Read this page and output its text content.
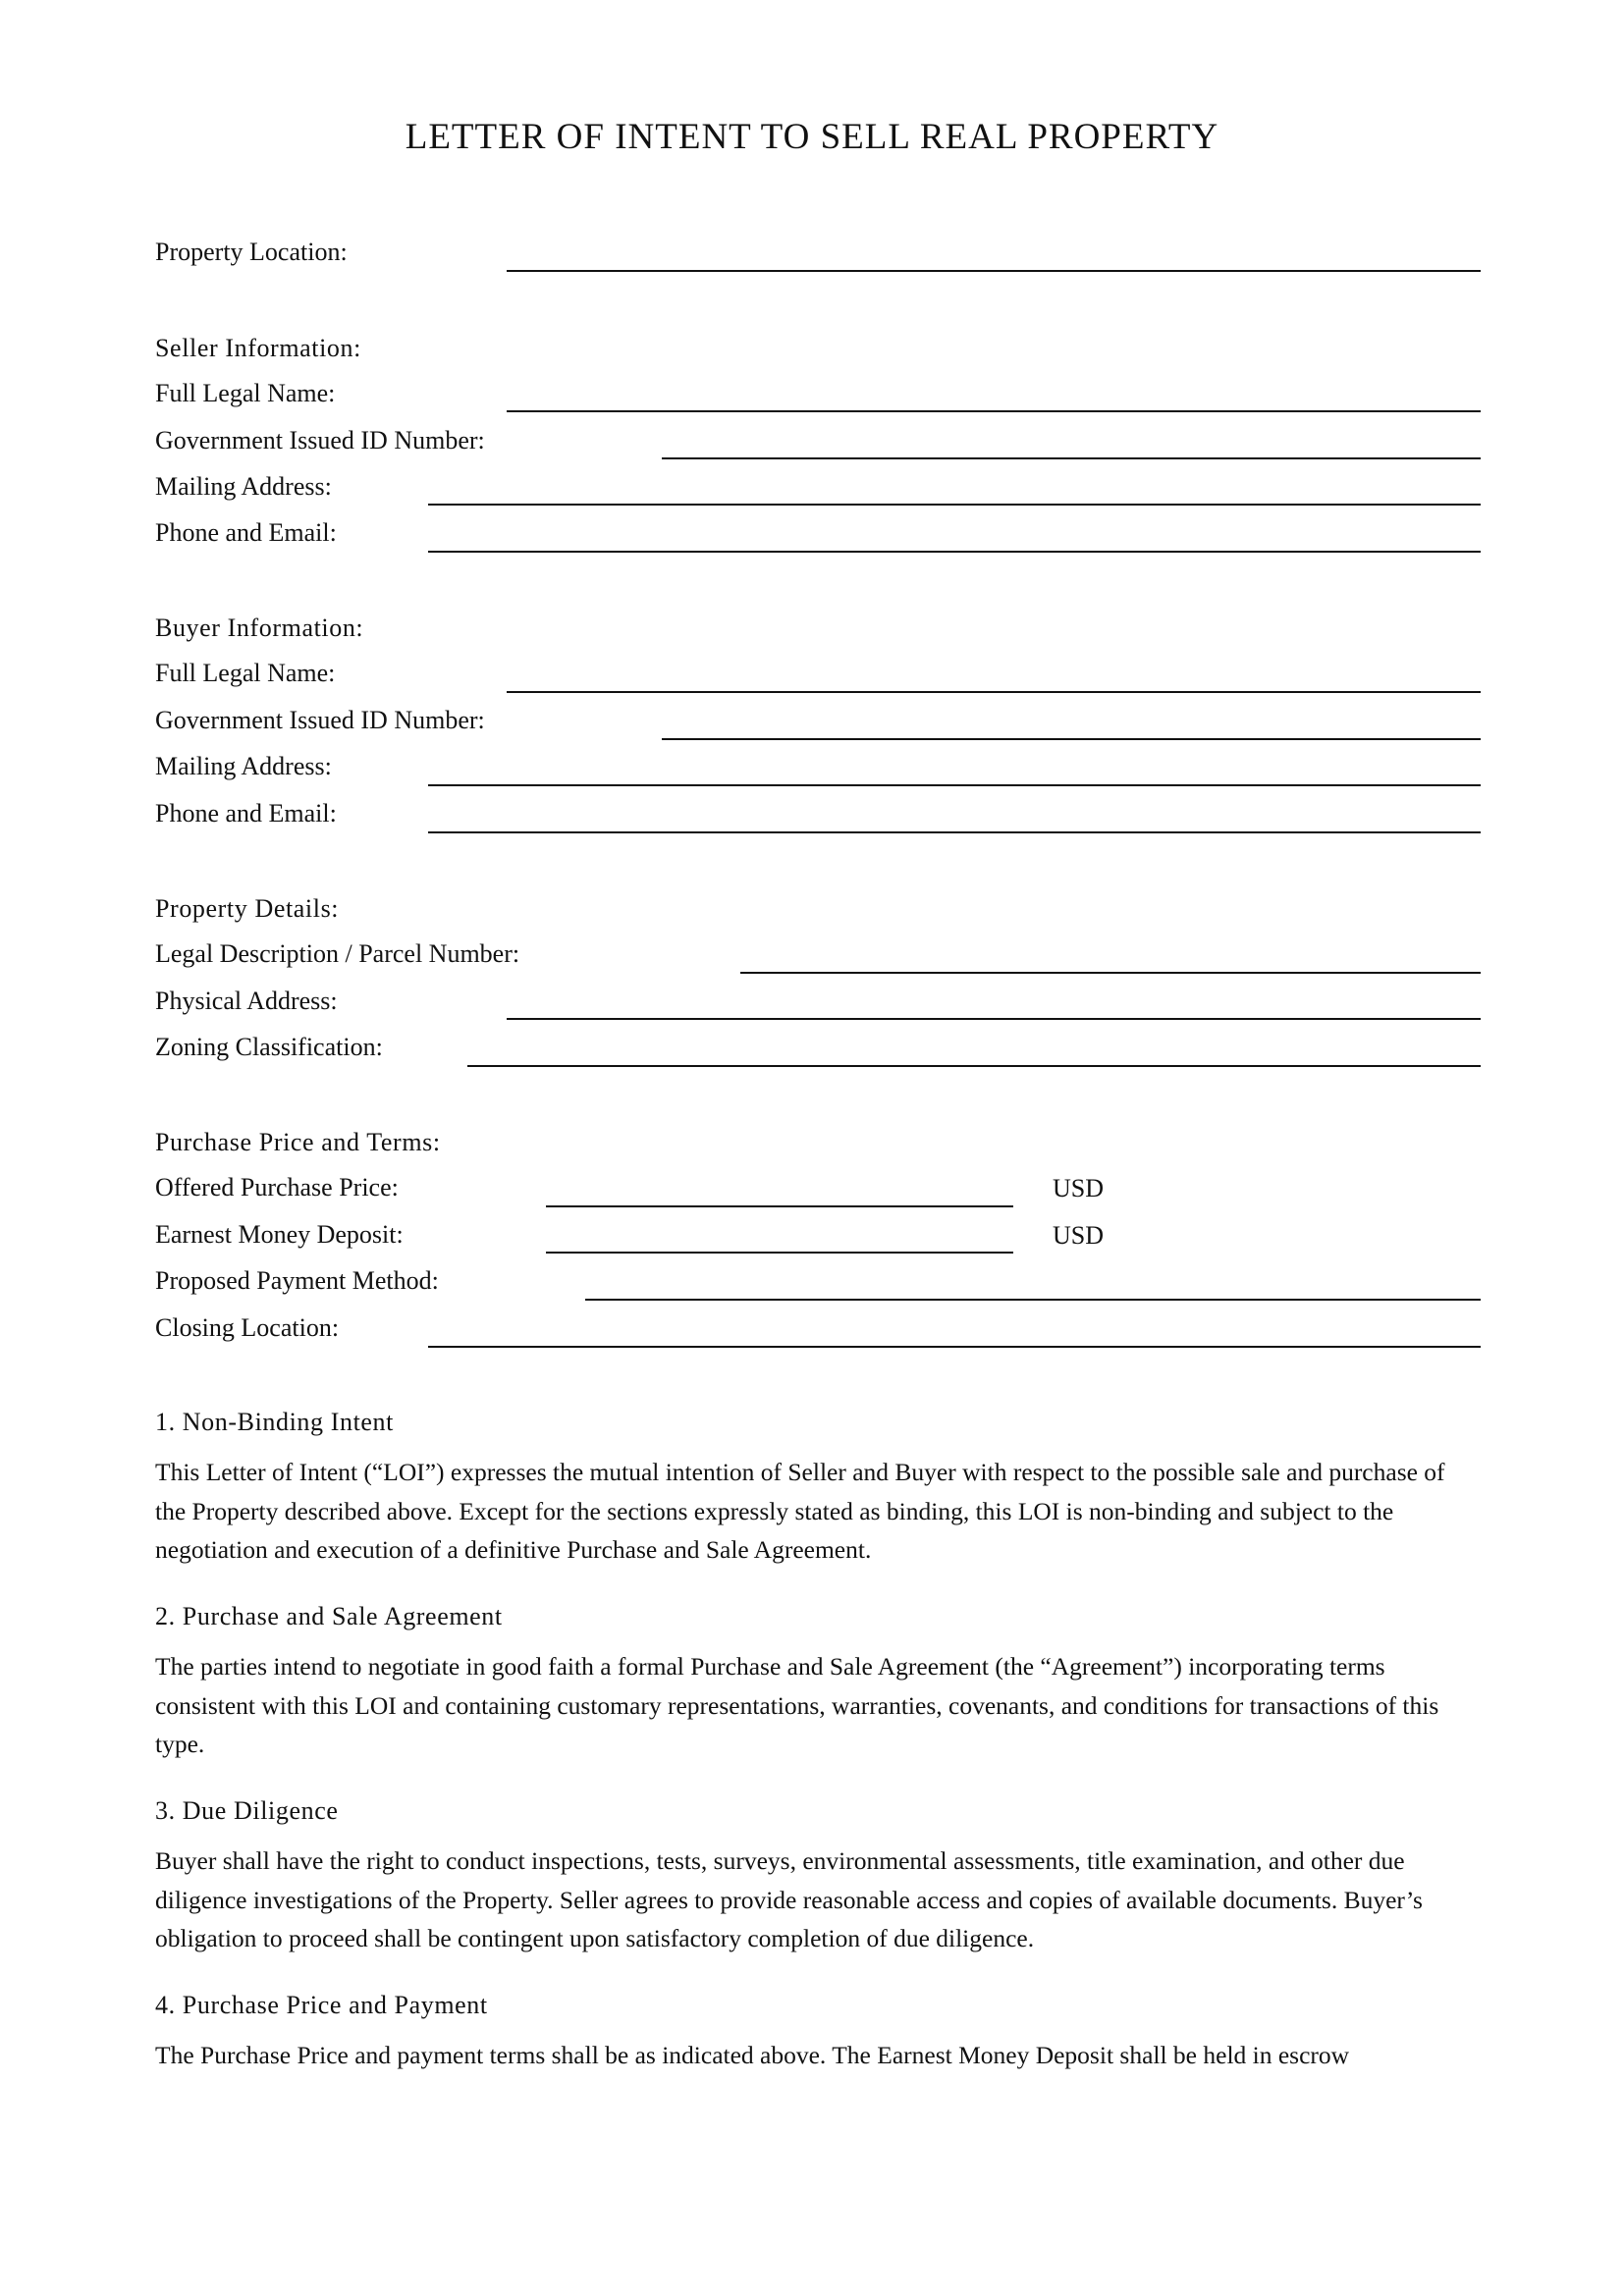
LETTER OF INTENT TO SELL REAL PROPERTY
Property Location:
Seller Information:
Full Legal Name:
Government Issued ID Number:
Mailing Address:
Phone and Email:
Buyer Information:
Full Legal Name:
Government Issued ID Number:
Mailing Address:
Phone and Email:
Property Details:
Legal Description / Parcel Number:
Physical Address:
Zoning Classification:
Purchase Price and Terms:
Offered Purchase Price:	USD
Earnest Money Deposit:	USD
Proposed Payment Method:
Closing Location:
1. Non-Binding Intent

This Letter of Intent (“LOI”) expresses the mutual intention of Seller and Buyer with respect to the possible sale and purchase of the Property described above. Except for the sections expressly stated as binding, this LOI is non-binding and subject to the negotiation and execution of a definitive Purchase and Sale Agreement.

2. Purchase and Sale Agreement

The parties intend to negotiate in good faith a formal Purchase and Sale Agreement (the “Agreement”) incorporating terms consistent with this LOI and containing customary representations, warranties, covenants, and conditions for transactions of this type.

3. Due Diligence

Buyer shall have the right to conduct inspections, tests, surveys, environmental assessments, title examination, and other due diligence investigations of the Property. Seller agrees to provide reasonable access and copies of available documents. Buyer’s obligation to proceed shall be contingent upon satisfactory completion of due diligence.

4. Purchase Price and Payment

The Purchase Price and payment terms shall be as indicated above. The Earnest Money Deposit shall be held in escrow
